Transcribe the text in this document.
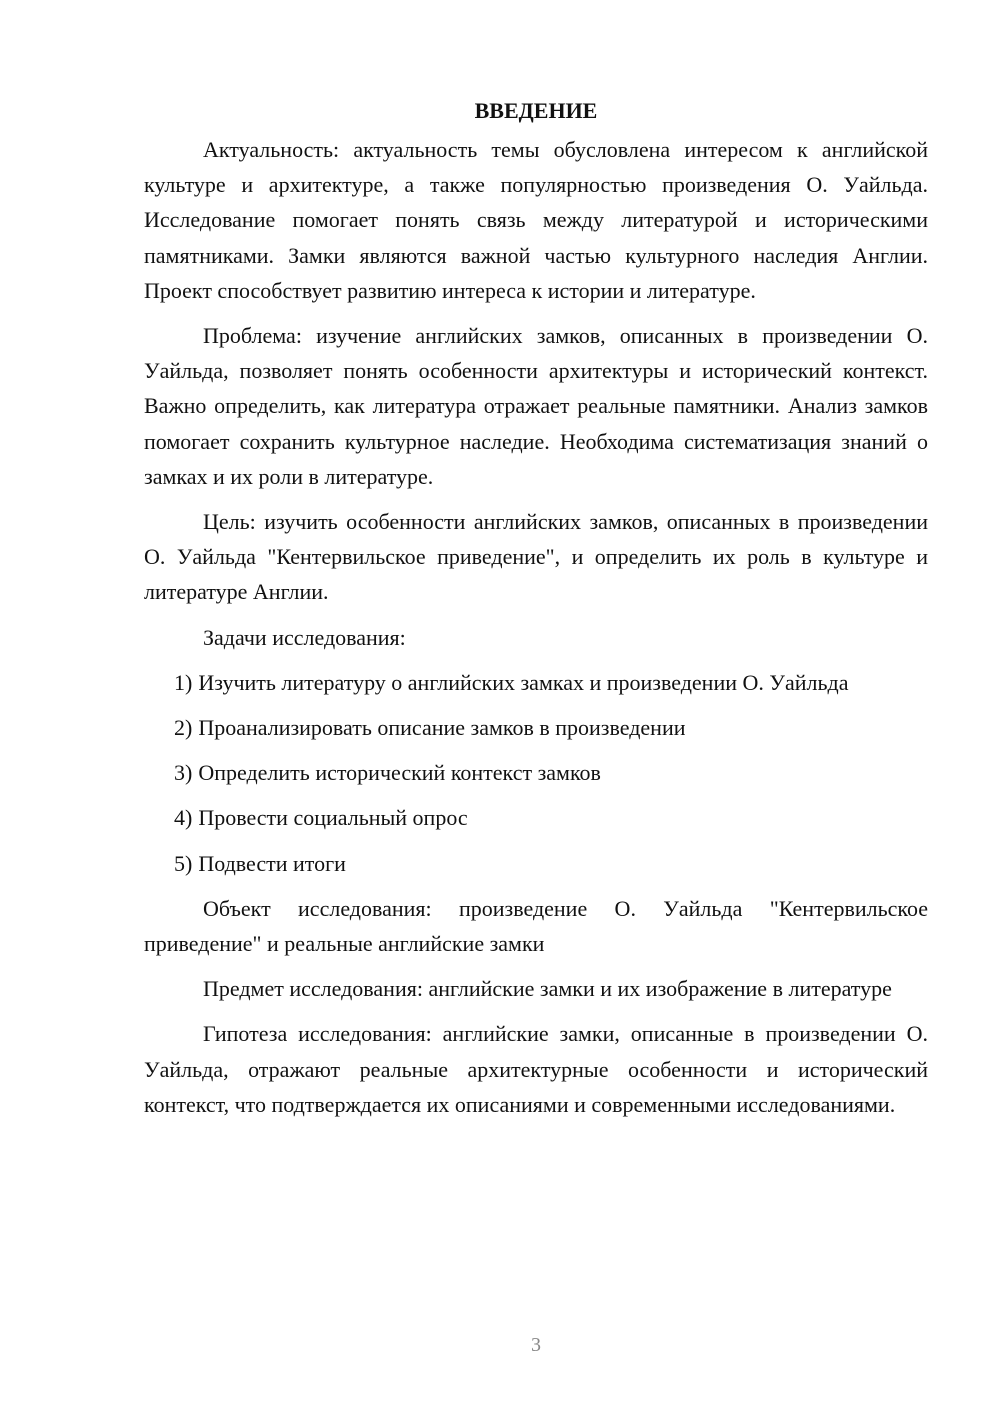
ВВЕДЕНИЕ

Актуальность: актуальность темы обусловлена интересом к английской культуре и архитектуре, а также популярностью произведения О. Уайльда. Исследование помогает понять связь между литературой и историческими памятниками. Замки являются важной частью культурного наследия Англии. Проект способствует развитию интереса к истории и литературе.

Проблема: изучение английских замков, описанных в произведении О. Уайльда, позволяет понять особенности архитектуры и исторический контекст. Важно определить, как литература отражает реальные памятники. Анализ замков помогает сохранить культурное наследие. Необходима систематизация знаний о замках и их роли в литературе.

Цель: изучить особенности английских замков, описанных в произведении О. Уайльда "Кентервильское приведение", и определить их роль в культуре и литературе Англии.

Задачи исследования:

1) Изучить литературу о английских замках и произведении О. Уайльда

2) Проанализировать описание замков в произведении

3) Определить исторический контекст замков

4) Провести социальный опрос

5) Подвести итоги

Объект исследования: произведение О. Уайльда "Кентервильское приведение" и реальные английские замки

Предмет исследования: английские замки и их изображение в литературе

Гипотеза исследования: английские замки, описанные в произведении О. Уайльда, отражают реальные архитектурные особенности и исторический контекст, что подтверждается их описаниями и современными исследованиями.

3
